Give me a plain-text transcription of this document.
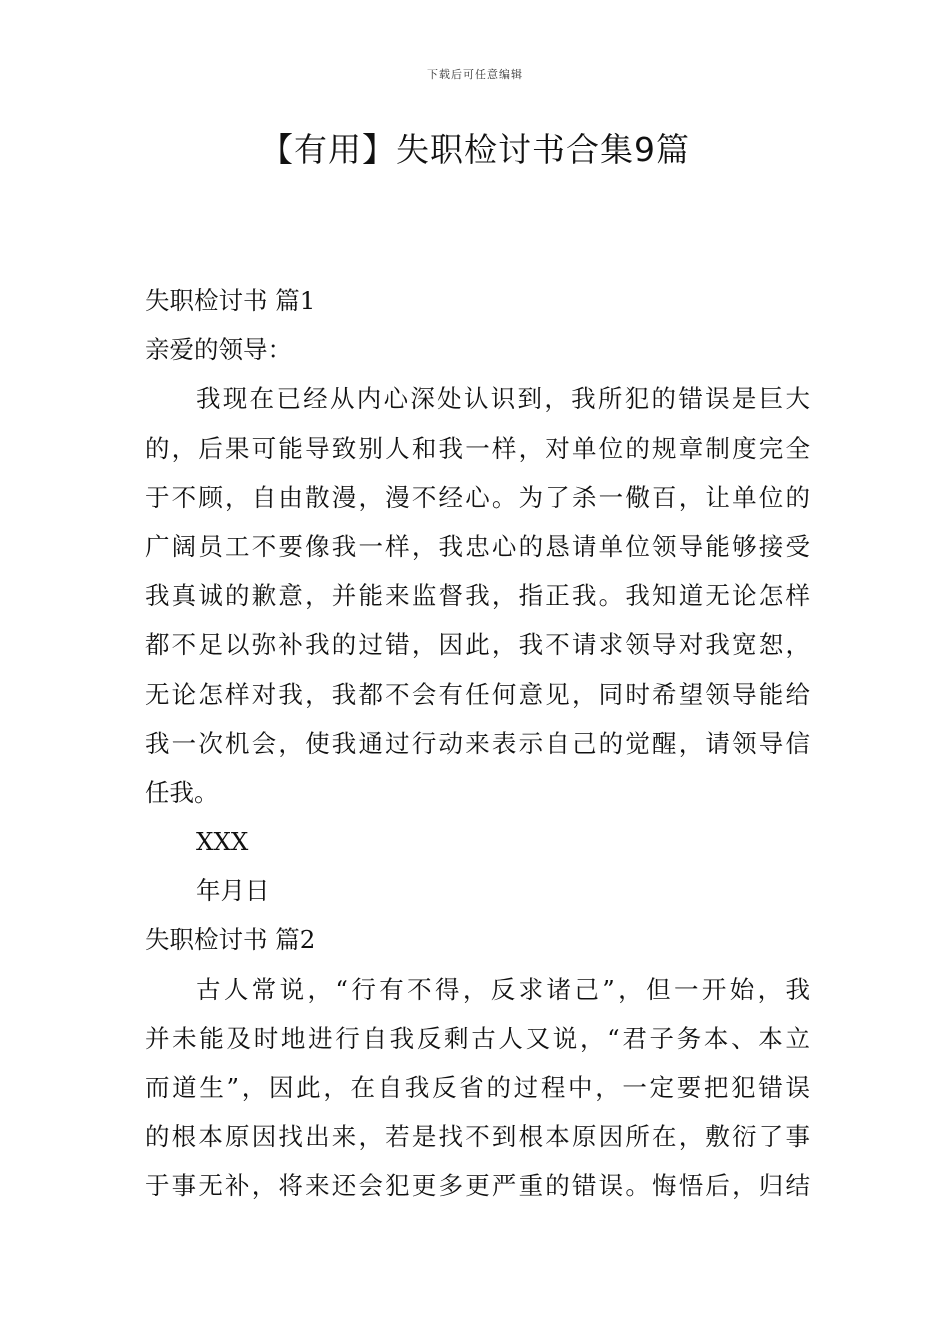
下载后可任意编辑
【有用】失职检讨书合集9篇
失职检讨书 篇1
亲爱的领导：
我现在已经从内心深处认识到，我所犯的错误是巨大
的，后果可能导致别人和我一样，对单位的规章制度完全
于不顾，自由散漫，漫不经心。为了杀一儆百，让单位的
广阔员工不要像我一样，我忠心的恳请单位领导能够接受
我真诚的歉意，并能来监督我，指正我。我知道无论怎样
都不足以弥补我的过错，因此，我不请求领导对我宽恕，
无论怎样对我，我都不会有任何意见，同时希望领导能给
我一次机会，使我通过行动来表示自己的觉醒，请领导信
任我。
XXX
年月日
失职检讨书 篇2
古人常说，“行有不得，反求诸己”，但一开始，我
并未能及时地进行自我反剩古人又说，“君子务本、本立
而道生”，因此，在自我反省的过程中，一定要把犯错误
的根本原因找出来，若是找不到根本原因所在，敷衍了事
于事无补，将来还会犯更多更严重的错误。悔悟后，归结
